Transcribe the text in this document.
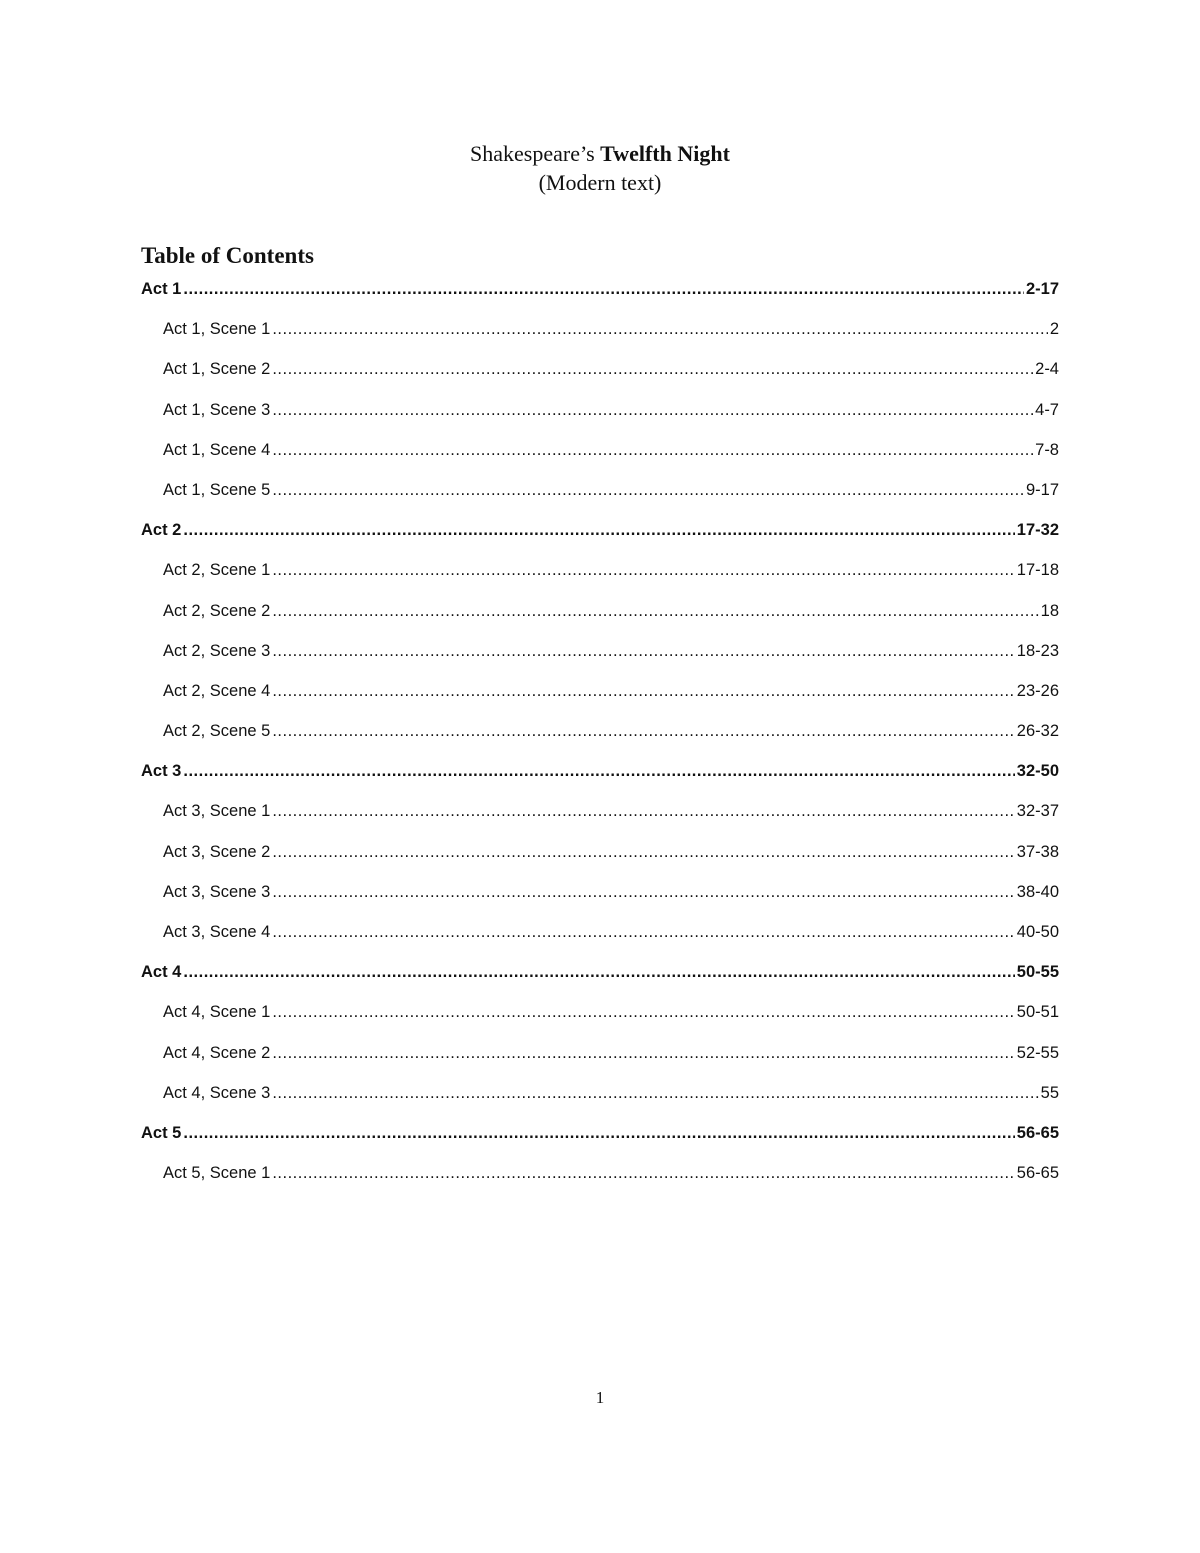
Shakespeare’s Twelfth Night
(Modern text)
Table of Contents
Act 1 .....	2-17
Act 1, Scene 1 .....	2
Act 1, Scene 2 .....	2-4
Act 1, Scene 3 .....	4-7
Act 1, Scene 4 .....	7-8
Act 1, Scene 5 .....	9-17
Act 2 .....	17-32
Act 2, Scene 1 .....	17-18
Act 2, Scene 2 .....	18
Act 2, Scene 3 .....	18-23
Act 2, Scene 4 .....	23-26
Act 2, Scene 5 .....	26-32
Act 3 .....	32-50
Act 3, Scene 1 .....	32-37
Act 3, Scene 2 .....	37-38
Act 3, Scene 3 .....	38-40
Act 3, Scene 4 .....	40-50
Act 4 .....	50-55
Act 4, Scene 1 .....	50-51
Act 4, Scene 2 .....	52-55
Act 4, Scene 3 .....	55
Act 5 .....	56-65
Act 5, Scene 1 .....	56-65
1
